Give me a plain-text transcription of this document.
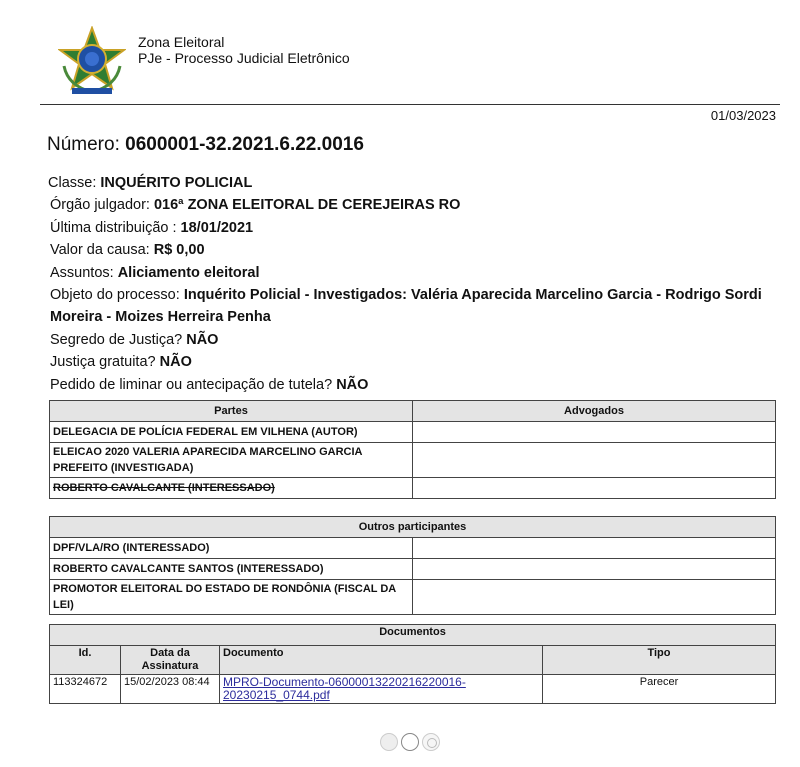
Zona Eleitoral
PJe - Processo Judicial Eletrônico
01/03/2023
Número: 0600001-32.2021.6.22.0016
Classe: INQUÉRITO POLICIAL
Órgão julgador: 016ª ZONA ELEITORAL DE CEREJEIRAS RO
Última distribuição : 18/01/2021
Valor da causa: R$ 0,00
Assuntos: Aliciamento eleitoral
Objeto do processo: Inquérito Policial - Investigados: Valéria Aparecida Marcelino Garcia - Rodrigo Sordi Moreira - Moizes Herreira Penha
Segredo de Justiça? NÃO
Justiça gratuita? NÃO
Pedido de liminar ou antecipação de tutela? NÃO
Partes	Advogados
DELEGACIA DE POLÍCIA FEDERAL EM VILHENA (AUTOR)	
ELEICAO 2020 VALERIA APARECIDA MARCELINO GARCIA PREFEITO (INVESTIGADA)	
ROBERTO CAVALCANTE (INTERESSADO)	
Outros participantes	
DPF/VLA/RO (INTERESSADO)	
ROBERTO CAVALCANTE SANTOS (INTERESSADO)	
PROMOTOR ELEITORAL DO ESTADO DE RONDÔNIA (FISCAL DA LEI)	
Documentos			
Id.	Data da Assinatura	Documento	Tipo
113324672	15/02/2023 08:44	MPRO-Documento-06000013220216220016-20230215_0744.pdf	Parecer
